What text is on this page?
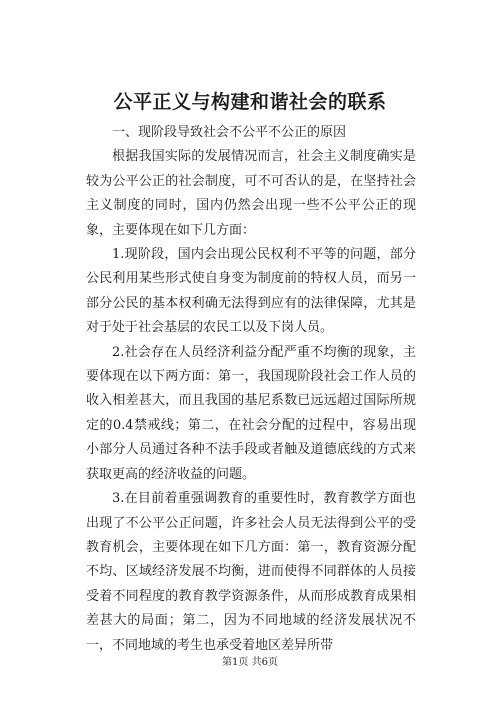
公平正义与构建和谐社会的联系

一、现阶段导致社会不公平不公正的原因

根据我国实际的发展情况而言，社会主义制度确实是较为公平公正的社会制度，可不可否认的是，在坚持社会主义制度的同时，国内仍然会出现一些不公平公正的现象，主要体现在如下几方面：

1.现阶段，国内会出现公民权利不平等的问题，部分公民利用某些形式使自身变为制度前的特权人员，而另一部分公民的基本权利确无法得到应有的法律保障，尤其是对于处于社会基层的农民工以及下岗人员。

2.社会存在人员经济利益分配严重不均衡的现象，主要体现在以下两方面：第一，我国现阶段社会工作人员的收入相差甚大，而且我国的基尼系数已远远超过国际所规定的0.4禁戒线；第二，在社会分配的过程中，容易出现小部分人员通过各种不法手段或者触及道德底线的方式来获取更高的经济收益的问题。

3.在目前着重强调教育的重要性时，教育教学方面也出现了不公平公正问题，许多社会人员无法得到公平的受教育机会，主要体现在如下几方面：第一，教育资源分配不均、区域经济发展不均衡，进而使得不同群体的人员接受着不同程度的教育教学资源条件，从而形成教育成果相差甚大的局面；第二，因为不同地域的经济发展状况不一，不同地域的考生也承受着地区差异所带

第1页 共6页
